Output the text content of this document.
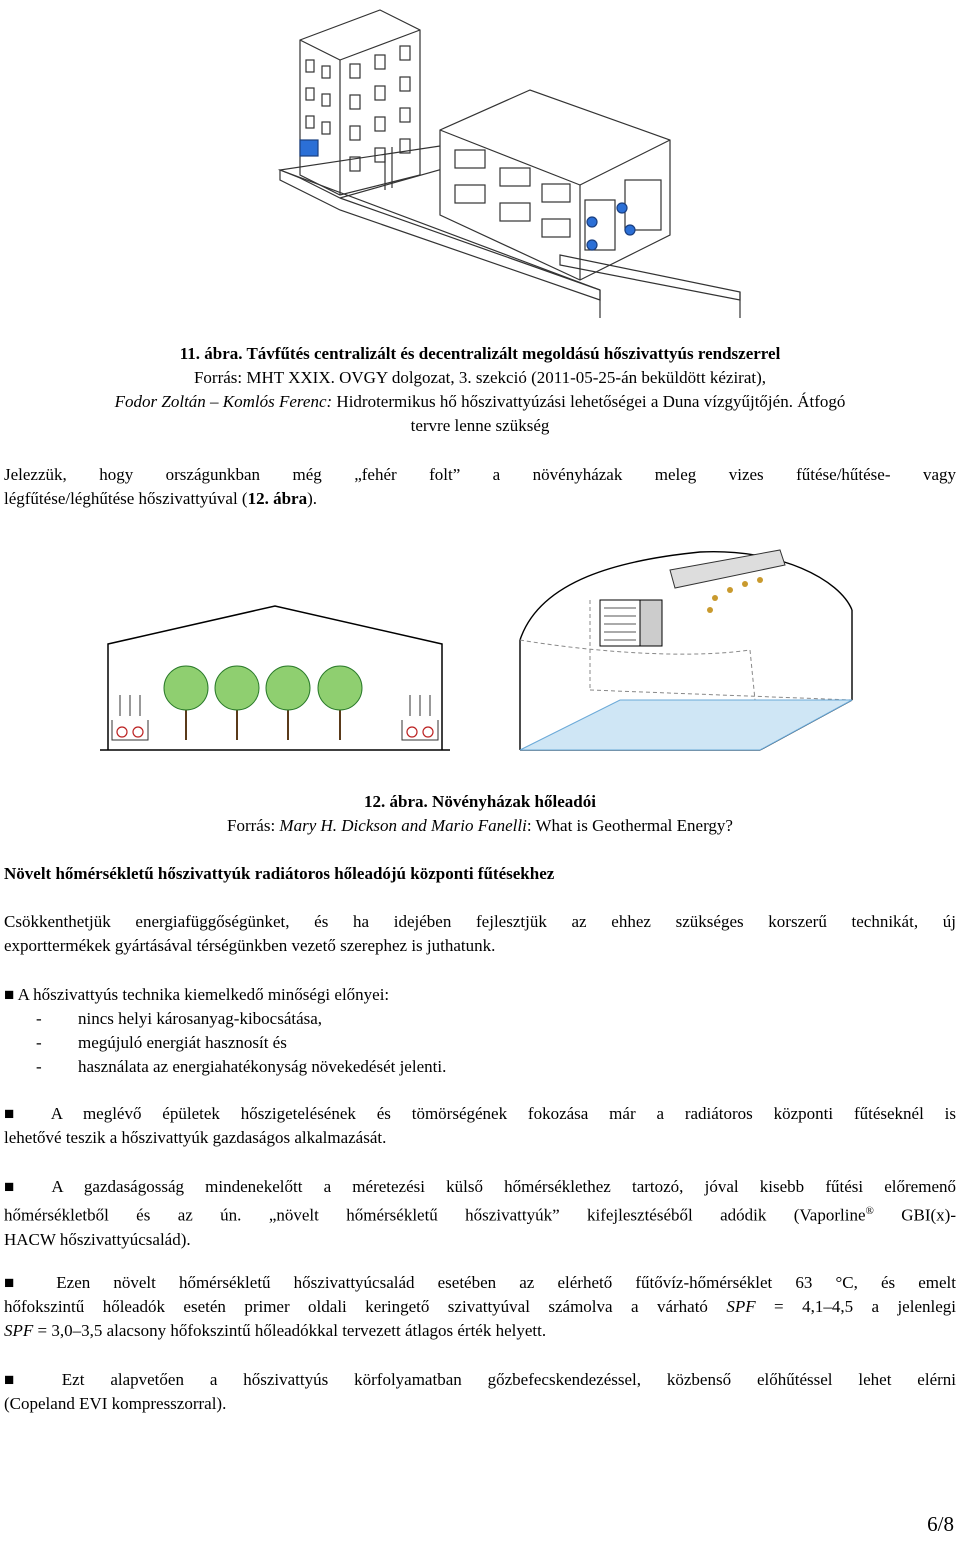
11. ábra. Távfűtés centralizált és decentralizált megoldású hőszivattyús rendszerrel
Forrás: MHT XXIX. OVGY dolgozat, 3. szekció (2011-05-25-án beküldött kézirat),
Fodor Zoltán – Komlós Ferenc: Hidrotermikus hő hőszivattyúzási lehetőségei a Duna vízgyűjtőjén. Átfogó
tervre lenne szükség
Jelezzük, hogy országunkban még „fehér folt” a növényházak meleg vizes fűtése/hűtése- vagy
légfűtése/léghűtése hőszivattyúval (12. ábra).
12. ábra. Növényházak hőleadói
Forrás: Mary H. Dickson and Mario Fanelli: What is Geothermal Energy?
Növelt hőmérsékletű hőszivattyúk radiátoros hőleadójú központi fűtésekhez
Csökkenthetjük energiafüggőségünket, és ha idejében fejlesztjük az ehhez szükséges korszerű technikát, új
exporttermékek gyártásával térségünkben vezető szerephez is juthatunk.
■ A hőszivattyús technika kiemelkedő minőségi előnyei:
- nincs helyi károsanyag-kibocsátása,
- megújuló energiát hasznosít és
- használata az energiahatékonyság növekedését jelenti.
■ A meglévő épületek hőszigetelésének és tömörségének fokozása már a radiátoros központi fűtéseknél is
lehetővé teszik a hőszivattyúk gazdaságos alkalmazását.
■ A gazdaságosság mindenekelőtt a méretezési külső hőmérséklethez tartozó, jóval kisebb fűtési előremenő
hőmérsékletből és az ún. „növelt hőmérsékletű hőszivattyúk” kifejlesztéséből adódik (Vaporline® GBI(x)-
HACW hőszivattyúcsalád).
■ Ezen növelt hőmérsékletű hőszivattyúcsalád esetében az elérhető fűtővíz-hőmérséklet 63 °C, és emelt
hőfokszintű hőleadók esetén primer oldali keringető szivattyúval számolva a várható SPF = 4,1–4,5 a jelenlegi
SPF = 3,0–3,5 alacsony hőfokszintű hőleadókkal tervezett átlagos érték helyett.
■ Ezt alapvetően a hőszivattyús körfolyamatban gőzbefecskendezéssel, közbenső előhűtéssel lehet elérni
(Copeland EVI kompresszorral).
6/8
